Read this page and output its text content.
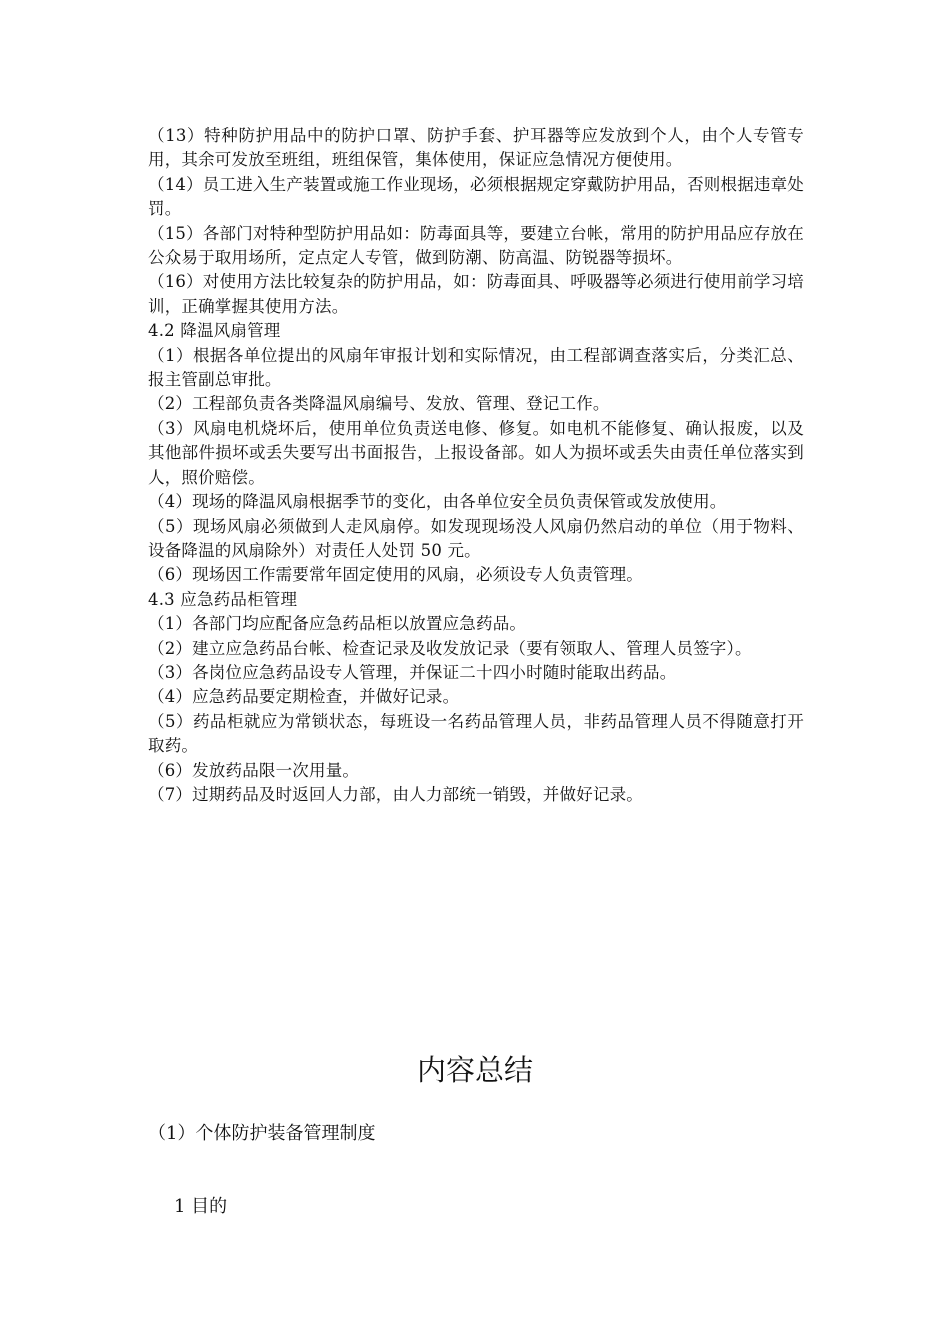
（13）特种防护用品中的防护口罩、防护手套、护耳器等应发放到个人，由个人专管专用，其余可发放至班组，班组保管，集体使用，保证应急情况方便使用。

（14）员工进入生产装置或施工作业现场，必须根据规定穿戴防护用品，否则根据违章处罚。

（15）各部门对特种型防护用品如：防毒面具等，要建立台帐，常用的防护用品应存放在公众易于取用场所，定点定人专管，做到防潮、防高温、防锐器等损坏。

（16）对使用方法比较复杂的防护用品，如：防毒面具、呼吸器等必须进行使用前学习培训，正确掌握其使用方法。

4.2 降温风扇管理

（1）根据各单位提出的风扇年审报计划和实际情况，由工程部调查落实后，分类汇总、报主管副总审批。

（2）工程部负责各类降温风扇编号、发放、管理、登记工作。

（3）风扇电机烧坏后，使用单位负责送电修、修复。如电机不能修复、确认报废，以及其他部件损坏或丢失要写出书面报告，上报设备部。如人为损坏或丢失由责任单位落实到人，照价赔偿。

（4）现场的降温风扇根据季节的变化，由各单位安全员负责保管或发放使用。

（5）现场风扇必须做到人走风扇停。如发现现场没人风扇仍然启动的单位（用于物料、设备降温的风扇除外）对责任人处罚 50 元。

（6）现场因工作需要常年固定使用的风扇，必须设专人负责管理。

4.3 应急药品柜管理

（1）各部门均应配备应急药品柜以放置应急药品。

（2）建立应急药品台帐、检查记录及收发放记录（要有领取人、管理人员签字）。

（3）各岗位应急药品设专人管理，并保证二十四小时随时能取出药品。

（4）应急药品要定期检查，并做好记录。

（5）药品柜就应为常锁状态，每班设一名药品管理人员，非药品管理人员不得随意打开取药。

（6）发放药品限一次用量。

（7）过期药品及时返回人力部，由人力部统一销毁，并做好记录。

内容总结

（1）个体防护装备管理制度

1 目的
